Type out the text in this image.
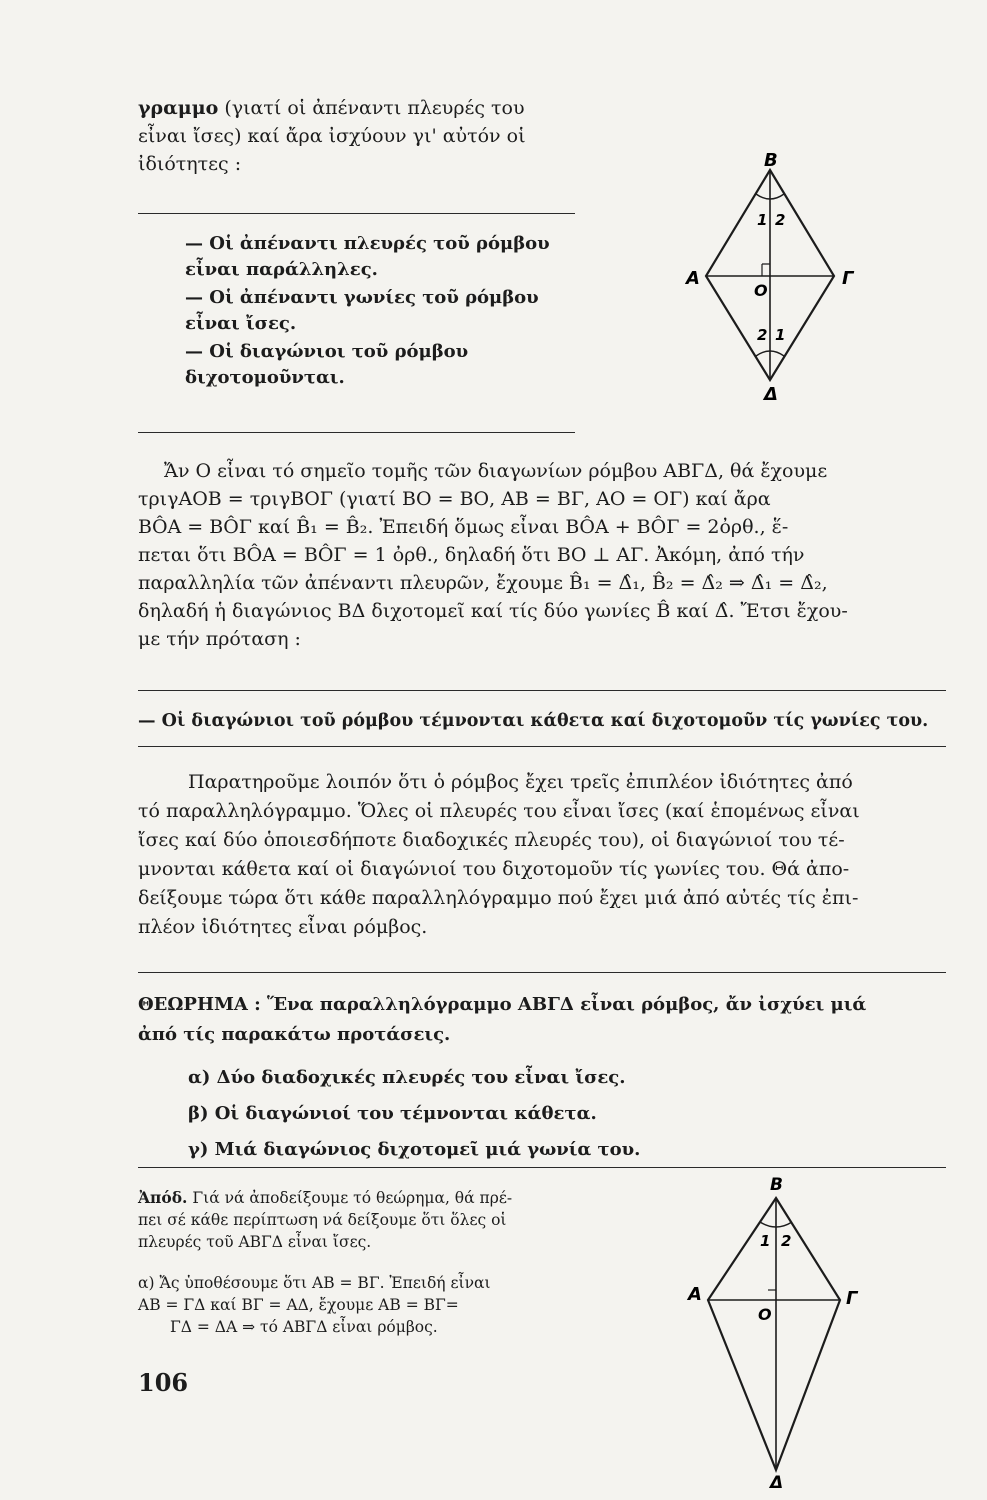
γραμμο (γιατί οἱ ἀπέναντι πλευρές του
εἶναι ἴσες) καί ἄρα ἰσχύουν γι' αὐτόν οἱ
ἰδιότητες :

— Οἱ ἀπέναντι πλευρές τοῦ ρόμβου εἶναι παράλληλες.

— Οἱ ἀπέναντι γωνίες τοῦ ρόμβου εἶναι ἴσες.

— Οἱ διαγώνιοι τοῦ ρόμβου διχοτομοῦνται.

B
A	Γ
Δ
O
1 2
2 1
Ἄν Ο εἶναι τό σημεῖο τομῆς τῶν διαγωνίων ρόμβου ΑΒΓΔ, θά ἔχουμε
τριγΑΟΒ = τριγΒΟΓ (γιατί ΒΟ = ΒΟ, ΑΒ = ΒΓ, ΑΟ = ΟΓ) καί ἄρα
ΒÔΑ = ΒÔΓ καί B̂₁ = B̂₂. Ἐπειδή ὅμως εἶναι ΒÔΑ + ΒÔΓ = 2ὀρθ., ἕ-
πεται ὅτι ΒÔΑ = ΒÔΓ = 1 ὀρθ., δηλαδή ὅτι ΒΟ ⊥ ΑΓ. Ἀκόμη, ἀπό τήν
παραλληλία τῶν ἀπέναντι πλευρῶν, ἔχουμε B̂₁ = Δ̂₁, B̂₂ = Δ̂₂ ⇒ Δ̂₁ = Δ̂₂,
δηλαδή ἡ διαγώνιος ΒΔ διχοτομεῖ καί τίς δύο γωνίες B̂ καί Δ̂. Ἔτσι ἔχου-
με τήν πρόταση :
— Οἱ διαγώνιοι τοῦ ρόμβου τέμνονται κάθετα καί διχοτομοῦν τίς γωνίες του.
Παρατηροῦμε λοιπόν ὅτι ὁ ρόμβος ἔχει τρεῖς ἐπιπλέον ἰδιότητες ἀπό
τό παραλληλόγραμμο. Ὅλες οἱ πλευρές του εἶναι ἴσες (καί ἑπομένως εἶναι
ἴσες καί δύο ὁποιεσδήποτε διαδοχικές πλευρές του), οἱ διαγώνιοί του τέ-
μνονται κάθετα καί οἱ διαγώνιοί του διχοτομοῦν τίς γωνίες του. Θά ἀπο-
δείξουμε τώρα ὅτι κάθε παραλληλόγραμμο πού ἔχει μιά ἀπό αὐτές τίς ἐπι-
πλέον ἰδιότητες εἶναι ρόμβος.
ΘΕΩΡΗΜΑ : Ἕνα παραλληλόγραμμο ΑΒΓΔ εἶναι ρόμβος, ἄν ἰσχύει μιά
ἀπό τίς παρακάτω προτάσεις.
α) Δύο διαδοχικές πλευρές του εἶναι ἴσες.
β) Οἱ διαγώνιοί του τέμνονται κάθετα.
γ) Μιά διαγώνιος διχοτομεῖ μιά γωνία του.
Ἀπόδ. Γιά νά ἀποδείξουμε τό θεώρημα, θά πρέ-
πει σέ κάθε περίπτωση νά δείξουμε ὅτι ὅλες οἱ
πλευρές τοῦ ΑΒΓΔ εἶναι ἴσες.
α) Ἄς ὑποθέσουμε ὅτι ΑΒ = ΒΓ. Ἐπειδή εἶναι
ΑΒ = ΓΔ καί ΒΓ = ΑΔ, ἔχουμε ΑΒ = ΒΓ=
ΓΔ = ΔΑ ⇒ τό ΑΒΓΔ εἶναι ρόμβος.
B
A	Γ
Δ
O
1 2
106
